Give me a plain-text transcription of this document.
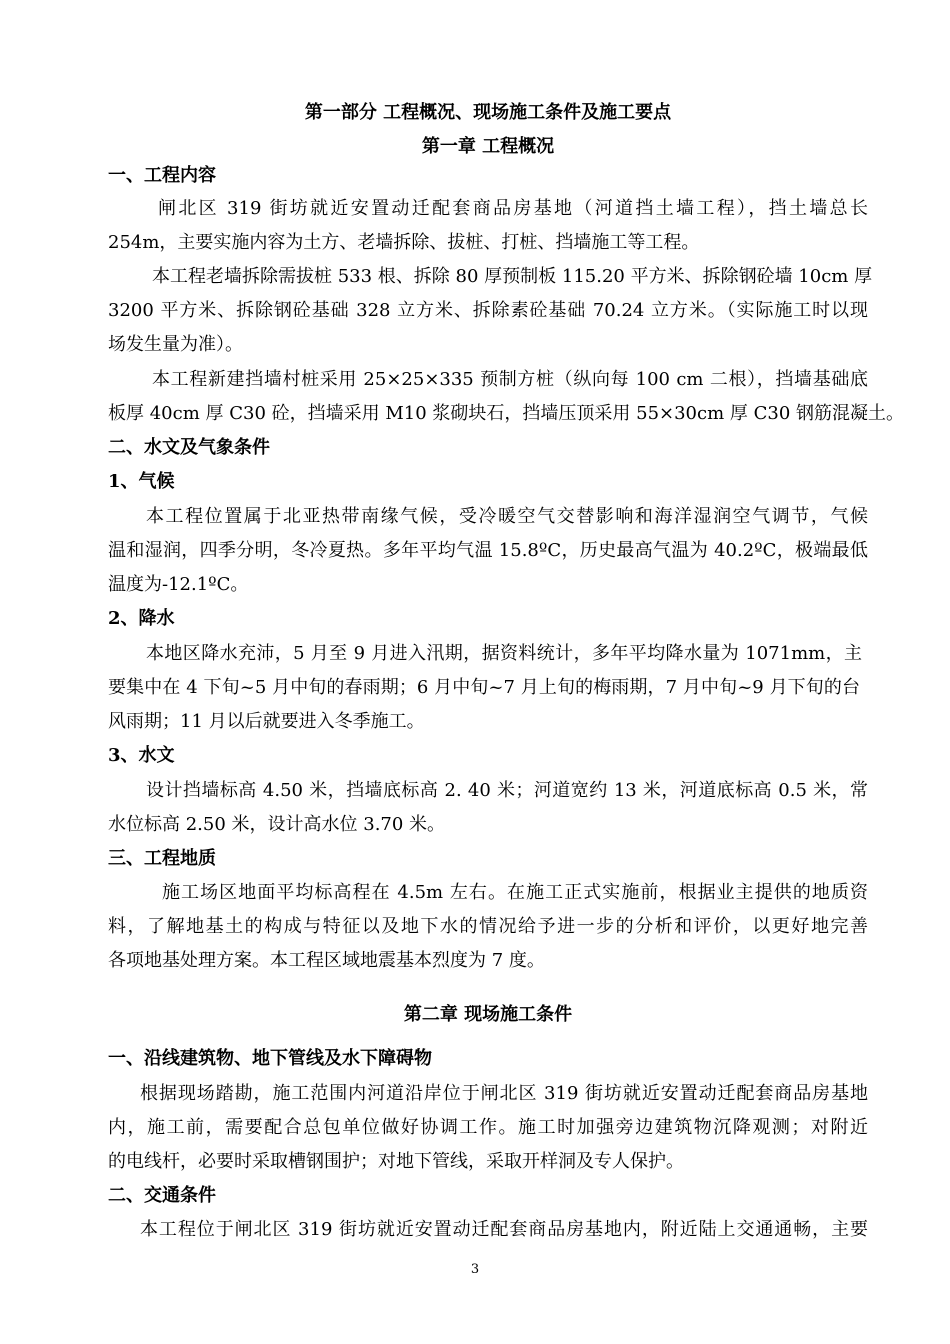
第一部分 工程概况、现场施工条件及施工要点
第一章 工程概况
一、工程内容
闸北区 319 街坊就近安置动迁配套商品房基地（河道挡土墙工程），挡土墙总长
254m，主要实施内容为土方、老墙拆除、拔桩、打桩、挡墙施工等工程。
本工程老墙拆除需拔桩 533 根、拆除 80 厚预制板 115.20 平方米、拆除钢砼墙 10cm 厚
3200 平方米、拆除钢砼基础 328 立方米、拆除素砼基础 70.24 立方米。（实际施工时以现
场发生量为准）。
本工程新建挡墙村桩采用 25×25×335 预制方桩（纵向每 100 cm 二根），挡墙基础底
板厚 40cm 厚 C30 砼，挡墙采用 M10 浆砌块石，挡墙压顶采用 55×30cm 厚 C30 钢筋混凝土。
二、水文及气象条件
1、气候
本工程位置属于北亚热带南缘气候，受冷暖空气交替影响和海洋湿润空气调节，气候
温和湿润，四季分明，冬冷夏热。多年平均气温 15.8ºC，历史最高气温为 40.2ºC，极端最低
温度为-12.1ºC。
2、降水
本地区降水充沛，5 月至 9 月进入汛期，据资料统计，多年平均降水量为 1071mm，主
要集中在 4 下旬~5 月中旬的春雨期；6 月中旬~7 月上旬的梅雨期，7 月中旬~9 月下旬的台
风雨期；11 月以后就要进入冬季施工。
3、水文
设计挡墙标高 4.50 米，挡墙底标高 2. 40 米；河道宽约 13 米，河道底标高 0.5 米，常
水位标高 2.50 米，设计高水位 3.70 米。
三、工程地质
施工场区地面平均标高程在 4.5m 左右。在施工正式实施前，根据业主提供的地质资
料，了解地基土的构成与特征以及地下水的情况给予进一步的分析和评价，以更好地完善
各项地基处理方案。本工程区域地震基本烈度为 7 度。
第二章 现场施工条件
一、沿线建筑物、地下管线及水下障碍物
根据现场踏勘，施工范围内河道沿岸位于闸北区 319 街坊就近安置动迁配套商品房基地
内，施工前，需要配合总包单位做好协调工作。施工时加强旁边建筑物沉降观测；对附近
的电线杆，必要时采取槽钢围护；对地下管线，采取开样洞及专人保护。
二、交通条件
本工程位于闸北区 319 街坊就近安置动迁配套商品房基地内，附近陆上交通通畅，主要
3
